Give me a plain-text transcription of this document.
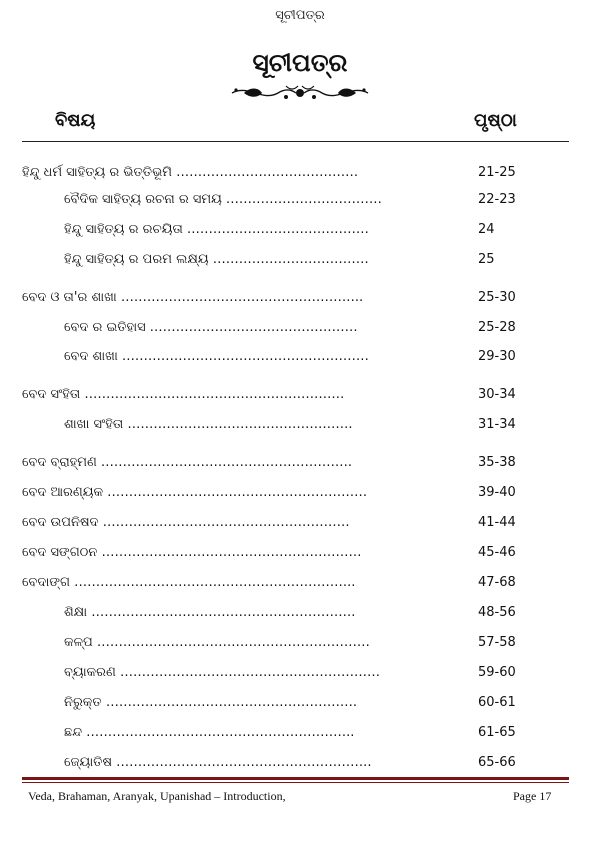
ସୂଚୀପତ୍ର
ସୂଚୀପତ୍ର
ବିଷୟ	ପୃଷ୍ଠା
ହିନ୍ଦୁ ଧର୍ମ ସାହିତ୍ୟ ର ଭିତ୍ତିଭୂମି ……………………………………	21-25
ବୈଦିକ ସାହିତ୍ୟ ରଚନା ର ସମୟ ………………………………	22-23
ହିନ୍ଦୁ ସାହିତ୍ୟ ର ରଚୟିତା ……………………………………	24
ହିନ୍ଦୁ ସାହିତ୍ୟ ର ପରମ ଲକ୍ଷ୍ୟ ………………………………	25
ବେଦ ଓ ତା'ର ଶାଖା ………………………………………………..	25-30
ବେଦ ର ଇତିହାସ …………………………………………	25-28
ବେଦ ଶାଖା …………………………………………………	29-30
ବେଦ ସଂହିତା ……………………………………………………	30-34
ଶାଖା ସଂହିତା …………………………………………….	31-34
ବେଦ ବ୍ରାହ୍ମଣ ………………………………………………….	35-38
ବେଦ ଆରଣ୍ୟକ ……………………………………………………	39-40
ବେଦ ଉପନିଷଦ …………………………………………………	41-44
ବେଦ ସଙ୍ଗଠନ ……………………………………………………	45-46
ବେଦାଙ୍ଗ ………………………………………………………..	47-68
ଶିକ୍ଷା …………………………………………………….	48-56
କଳ୍ପ ………………………………………………………	57-58
ବ୍ୟାକରଣ ……………………………………………………	59-60
ନିରୁକ୍ତ ………………………………………………….	60-61
ଛନ୍ଦ ……………………………………………………..	61-65
ଜ୍ୟୋତିଷ …………………………………………………..	65-66
Veda, Brahaman, Aranyak, Upanishad – Introduction,	Page 17
